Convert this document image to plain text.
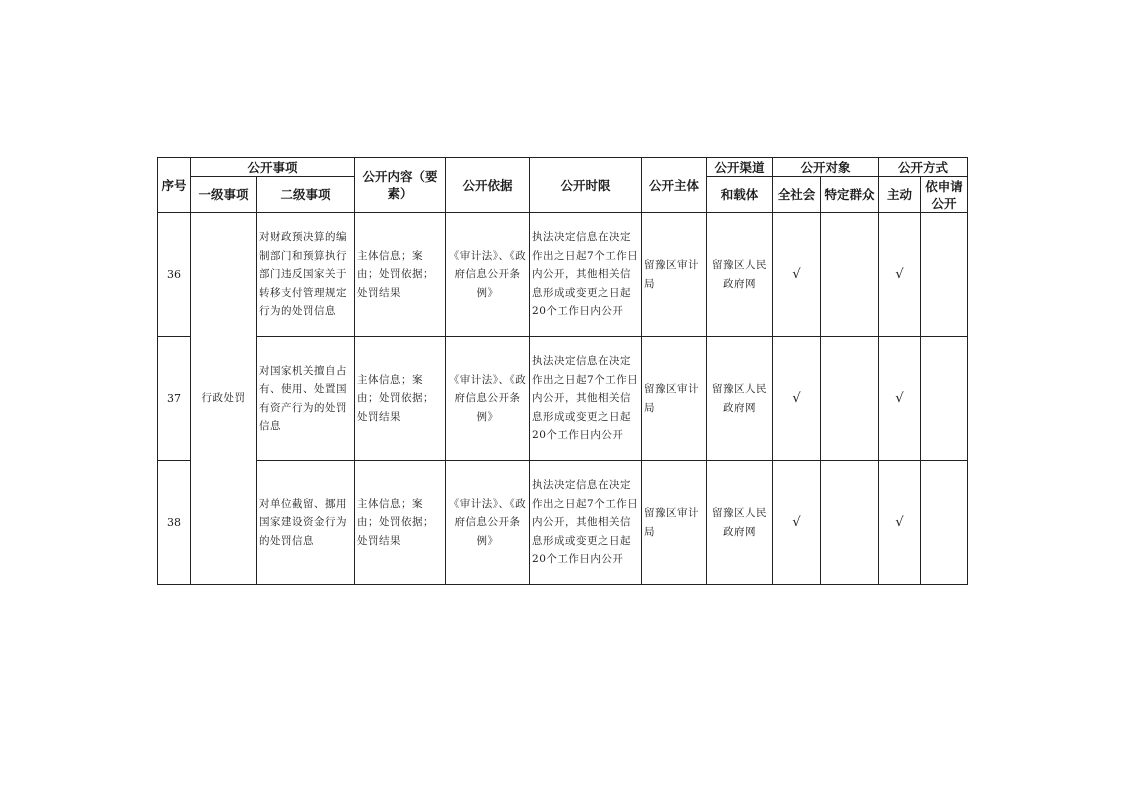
序号	公开事项		公开内容（要素）	公开依据	公开时限	公开主体	公开渠道	公开对象		公开方式	
	一级事项	二级事项					和载体	全社会	特定群众	主动	依申请公开
36	行政处罚	对财政预决算的编制部门和预算执行部门违反国家关于转移支付管理规定行为的处罚信息	主体信息；案由；处罚依据；处罚结果	《审计法》、《政府信息公开条例》	执法决定信息在决定作出之日起7个工作日内公开，其他相关信息形成或变更之日起20个工作日内公开	留豫区审计局	留豫区人民政府网	√		√	
37		对国家机关擅自占有、使用、处置国有资产行为的处罚信息	主体信息；案由；处罚依据；处罚结果	《审计法》、《政府信息公开条例》	执法决定信息在决定作出之日起7个工作日内公开，其他相关信息形成或变更之日起20个工作日内公开	留豫区审计局	留豫区人民政府网	√		√	
38		对单位截留、挪用国家建设资金行为的处罚信息	主体信息；案由；处罚依据；处罚结果	《审计法》、《政府信息公开条例》	执法决定信息在决定作出之日起7个工作日内公开，其他相关信息形成或变更之日起20个工作日内公开	留豫区审计局	留豫区人民政府网	√		√	
